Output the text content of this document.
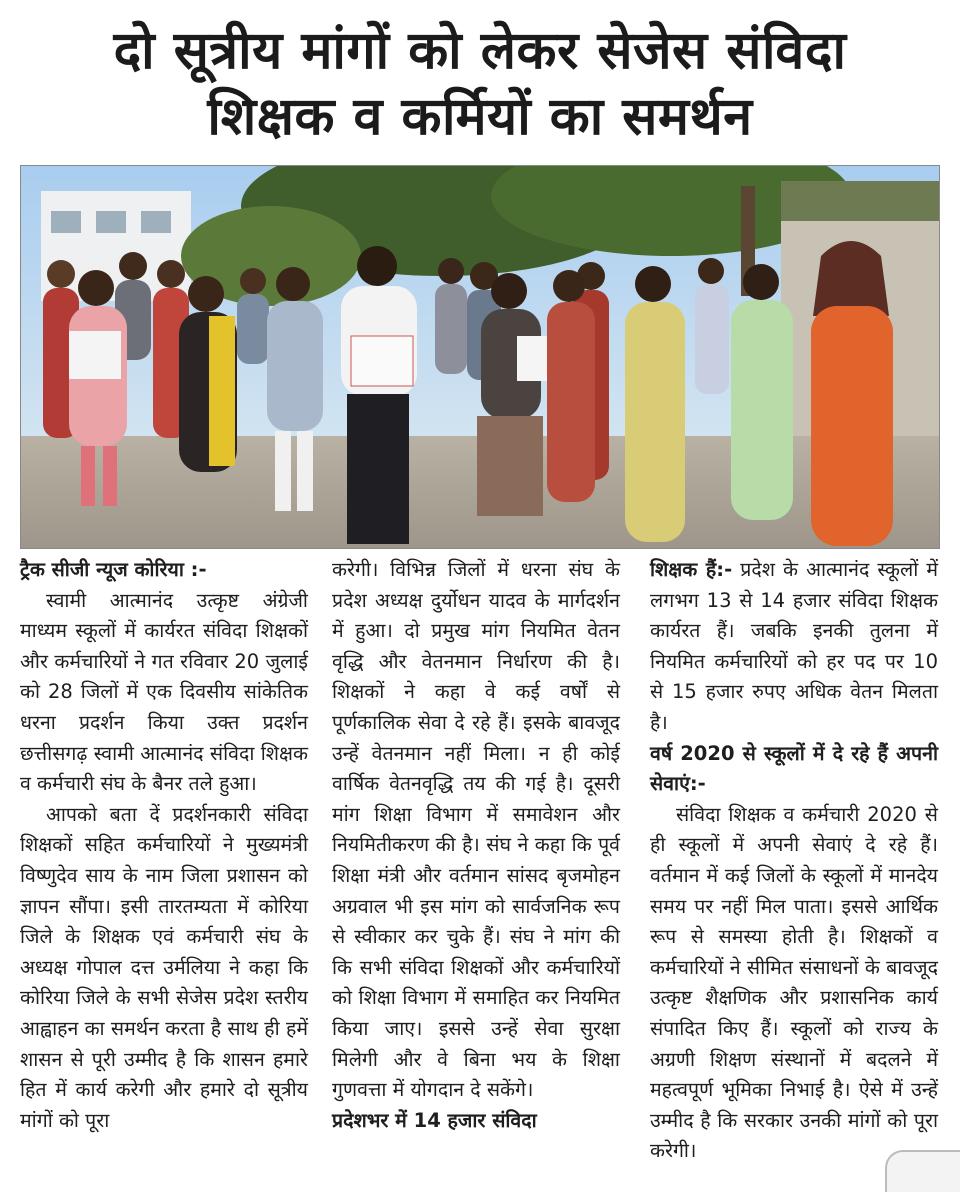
दो सूत्रीय मांगों को लेकर सेजेस संविदा
शिक्षक व कर्मियों का समर्थन

ट्रैक सीजी न्यूज कोरिया :-

स्वामी आत्मानंद उत्कृष्ट अंग्रेजी माध्यम स्कूलों में कार्यरत संविदा शिक्षकों और कर्मचारियों ने गत रविवार 20 जुलाई को 28 जिलों में एक दिवसीय सांकेतिक धरना प्रदर्शन किया उक्त प्रदर्शन छत्तीसगढ़ स्वामी आत्मानंद संविदा शिक्षक व कर्मचारी संघ के बैनर तले हुआ।

आपको बता दें प्रदर्शनकारी संविदा शिक्षकों सहित कर्मचारियों ने मुख्यमंत्री विष्णुदेव साय के नाम जिला प्रशासन को ज्ञापन सौंपा। इसी तारतम्यता में कोरिया जिले के शिक्षक एवं कर्मचारी संघ के अध्यक्ष गोपाल दत्त उर्मलिया ने कहा कि कोरिया जिले के सभी सेजेस प्रदेश स्तरीय आह्वाहन का समर्थन करता है साथ ही हमें शासन से पूरी उम्मीद है कि शासन हमारे हित में कार्य करेगी और हमारे दो सूत्रीय मांगों को पूरा

करेगी। विभिन्न जिलों में धरना संघ के प्रदेश अध्यक्ष दुर्योधन यादव के मार्गदर्शन में हुआ। दो प्रमुख मांग नियमित वेतन वृद्धि और वेतनमान निर्धारण की है। शिक्षकों ने कहा वे कई वर्षों से पूर्णकालिक सेवा दे रहे हैं। इसके बावजूद उन्हें वेतनमान नहीं मिला। न ही कोई वार्षिक वेतनवृद्धि तय की गई है। दूसरी मांग शिक्षा विभाग में समावेशन और नियमितीकरण की है। संघ ने कहा कि पूर्व शिक्षा मंत्री और वर्तमान सांसद बृजमोहन अग्रवाल भी इस मांग को सार्वजनिक रूप से स्वीकार कर चुके हैं। संघ ने मांग की कि सभी संविदा शिक्षकों और कर्मचारियों को शिक्षा विभाग में समाहित कर नियमित किया जाए। इससे उन्हें सेवा सुरक्षा मिलेगी और वे बिना भय के शिक्षा गुणवत्ता में योगदान दे सकेंगे।

प्रदेशभर में 14 हजार संविदा

शिक्षक हैं:- प्रदेश के आत्मानंद स्कूलों में लगभग 13 से 14 हजार संविदा शिक्षक कार्यरत हैं। जबकि इनकी तुलना में नियमित कर्मचारियों को हर पद पर 10 से 15 हजार रुपए अधिक वेतन मिलता है।

वर्ष 2020 से स्कूलों में दे रहे हैं अपनी सेवाएं:-

संविदा शिक्षक व कर्मचारी 2020 से ही स्कूलों में अपनी सेवाएं दे रहे हैं। वर्तमान में कई जिलों के स्कूलों में मानदेय समय पर नहीं मिल पाता। इससे आर्थिक रूप से समस्या होती है। शिक्षकों व कर्मचारियों ने सीमित संसाधनों के बावजूद उत्कृष्ट शैक्षणिक और प्रशासनिक कार्य संपादित किए हैं। स्कूलों को राज्य के अग्रणी शिक्षण संस्थानों में बदलने में महत्वपूर्ण भूमिका निभाई है। ऐसे में उन्हें उम्मीद है कि सरकार उनकी मांगों को पूरा करेगी।
